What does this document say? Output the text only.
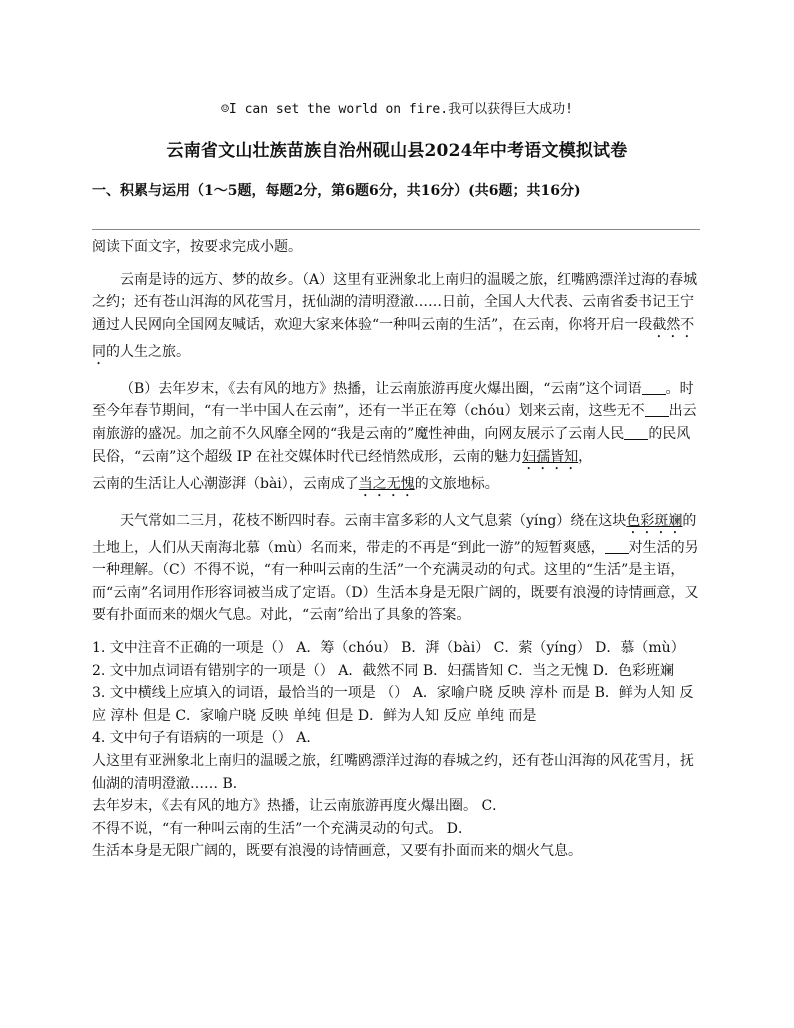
☺I can set the world on fire.我可以获得巨大成功!
云南省文山壮族苗族自治州砚山县2024年中考语文模拟试卷
一、积累与运用（1～5题，每题2分，第6题6分，共16分）(共6题；共16分)

阅读下面文字，按要求完成小题。

云南是诗的远方、梦的故乡。（A）这里有亚洲象北上南归的温暖之旅，红嘴鸥漂洋过海的春城之约；还有苍山洱海的风花雪月，抚仙湖的清明澄澈……日前，全国人大代表、云南省委书记王宁通过人民网向全国网友喊话，欢迎大家来体验“一种叫云南的生活”，在云南，你将开启一段截然不同的人生之旅。

（B）去年岁末，《去有风的地方》热播，让云南旅游再度火爆出圈，“云南”这个词语 。时至今年春节期间，“有一半中国人在云南”，还有一半正在筹（chóu）划来云南，这些无不 出云南旅游的盛况。加之前不久风靡全网的“我是云南的”魔性神曲，向网友展示了云南人民 的民风民俗，“云南”这个超级 IP 在社交媒体时代已经悄然成形，云南的魅力妇孺皆知，

云南的生活让人心潮澎湃（bài），云南成了当之无愧的文旅地标。

天气常如二三月，花枝不断四时春。云南丰富多彩的人文气息萦（yíng）绕在这块色彩斑斓的土地上，人们从天南海北慕（mù）名而来，带走的不再是“到此一游”的短暂爽感， 对生活的另一种理解。（C）不得不说，“有一种叫云南的生活”一个充满灵动的句式。这里的“生活”是主语，而“云南”名词用作形容词被当成了定语。（D）生活本身是无限广阔的，既要有浪漫的诗情画意，又要有扑面而来的烟火气息。对此，“云南”给出了具象的答案。

1. 文中注音不正确的一项是（） A．筹（chóu） B．湃（bài） C．萦（yíng） D．慕（mù）

2. 文中加点词语有错别字的一项是（） A．截然不同 B．妇孺皆知 C．当之无愧 D．色彩班斓

3. 文中横线上应填入的词语，最恰当的一项是 （） A．家喻户晓 反映 淳朴 而是 B．鲜为人知 反应 淳朴 但是 C．家喻户晓 反映 单纯 但是 D．鲜为人知 反应 单纯 而是

4. 文中句子有语病的一项是（） A．

人这里有亚洲象北上南归的温暖之旅，红嘴鸥漂洋过海的春城之约，还有苍山洱海的风花雪月，抚仙湖的清明澄澈…… B．

去年岁末，《去有风的地方》热播，让云南旅游再度火爆出圈。 C．

不得不说，“有一种叫云南的生活”一个充满灵动的句式。 D．

生活本身是无限广阔的，既要有浪漫的诗情画意，又要有扑面而来的烟火气息。
